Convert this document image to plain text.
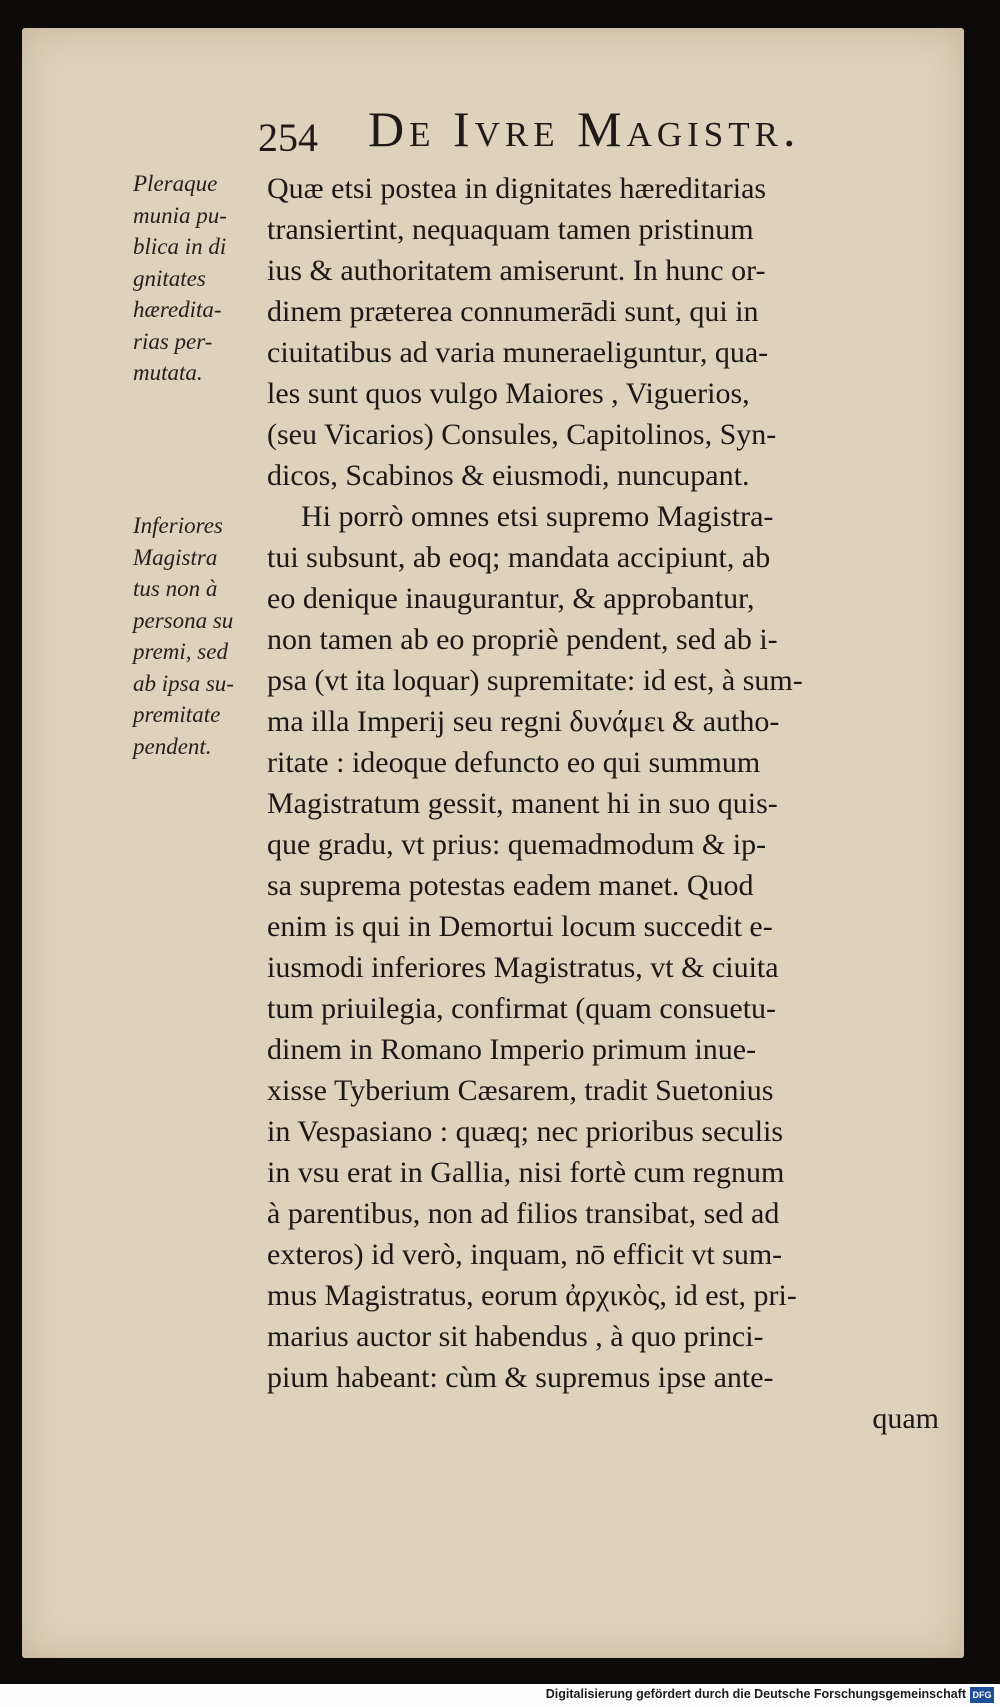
254 De Ivre Magistr.
Pleraque
munia pu-
blica in di
gnitates
hæredita-
rias per-
mutata.
Inferiores
Magistra
tus non à
persona su
premi, sed
ab ipsa su-
premitate
pendent.
Quæ etsi postea in dignitates hæreditarias
transiertint, nequaquam tamen pristinum
ius & authoritatem amiserunt. In hunc or-
dinem præterea connumerādi sunt, qui in
ciuitatibus ad varia muneraeliguntur, qua-
les sunt quos vulgo Maiores , Viguerios,
(seu Vicarios) Consules, Capitolinos, Syn-
dicos, Scabinos & eiusmodi, nuncupant.
Hi porrò omnes etsi supremo Magistra-
tui subsunt, ab eoq; mandata accipiunt, ab
eo denique inaugurantur, & approbantur,
non tamen ab eo propriè pendent, sed ab i-
psa (vt ita loquar) supremitate: id est, à sum-
ma illa Imperij seu regni δυνάμει & autho-
ritate : ideoque defuncto eo qui summum
Magistratum gessit, manent hi in suo quis-
que gradu, vt prius: quemadmodum & ip-
sa suprema potestas eadem manet. Quod
enim is qui in Demortui locum succedit e-
iusmodi inferiores Magistratus, vt & ciuita
tum priuilegia, confirmat (quam consuetu-
dinem in Romano Imperio primum inue-
xisse Tyberium Cæsarem, tradit Suetonius
in Vespasiano : quæq; nec prioribus seculis
in vsu erat in Gallia, nisi fortè cum regnum
à parentibus, non ad filios transibat, sed ad
exteros) id verò, inquam, nō efficit vt sum-
mus Magistratus, eorum ἀρχικὸς, id est, pri-
marius auctor sit habendus , à quo princi-
pium habeant: cùm & supremus ipse ante-
quam
Digitalisierung gefördert durch die Deutsche Forschungsgemeinschaft DFG
